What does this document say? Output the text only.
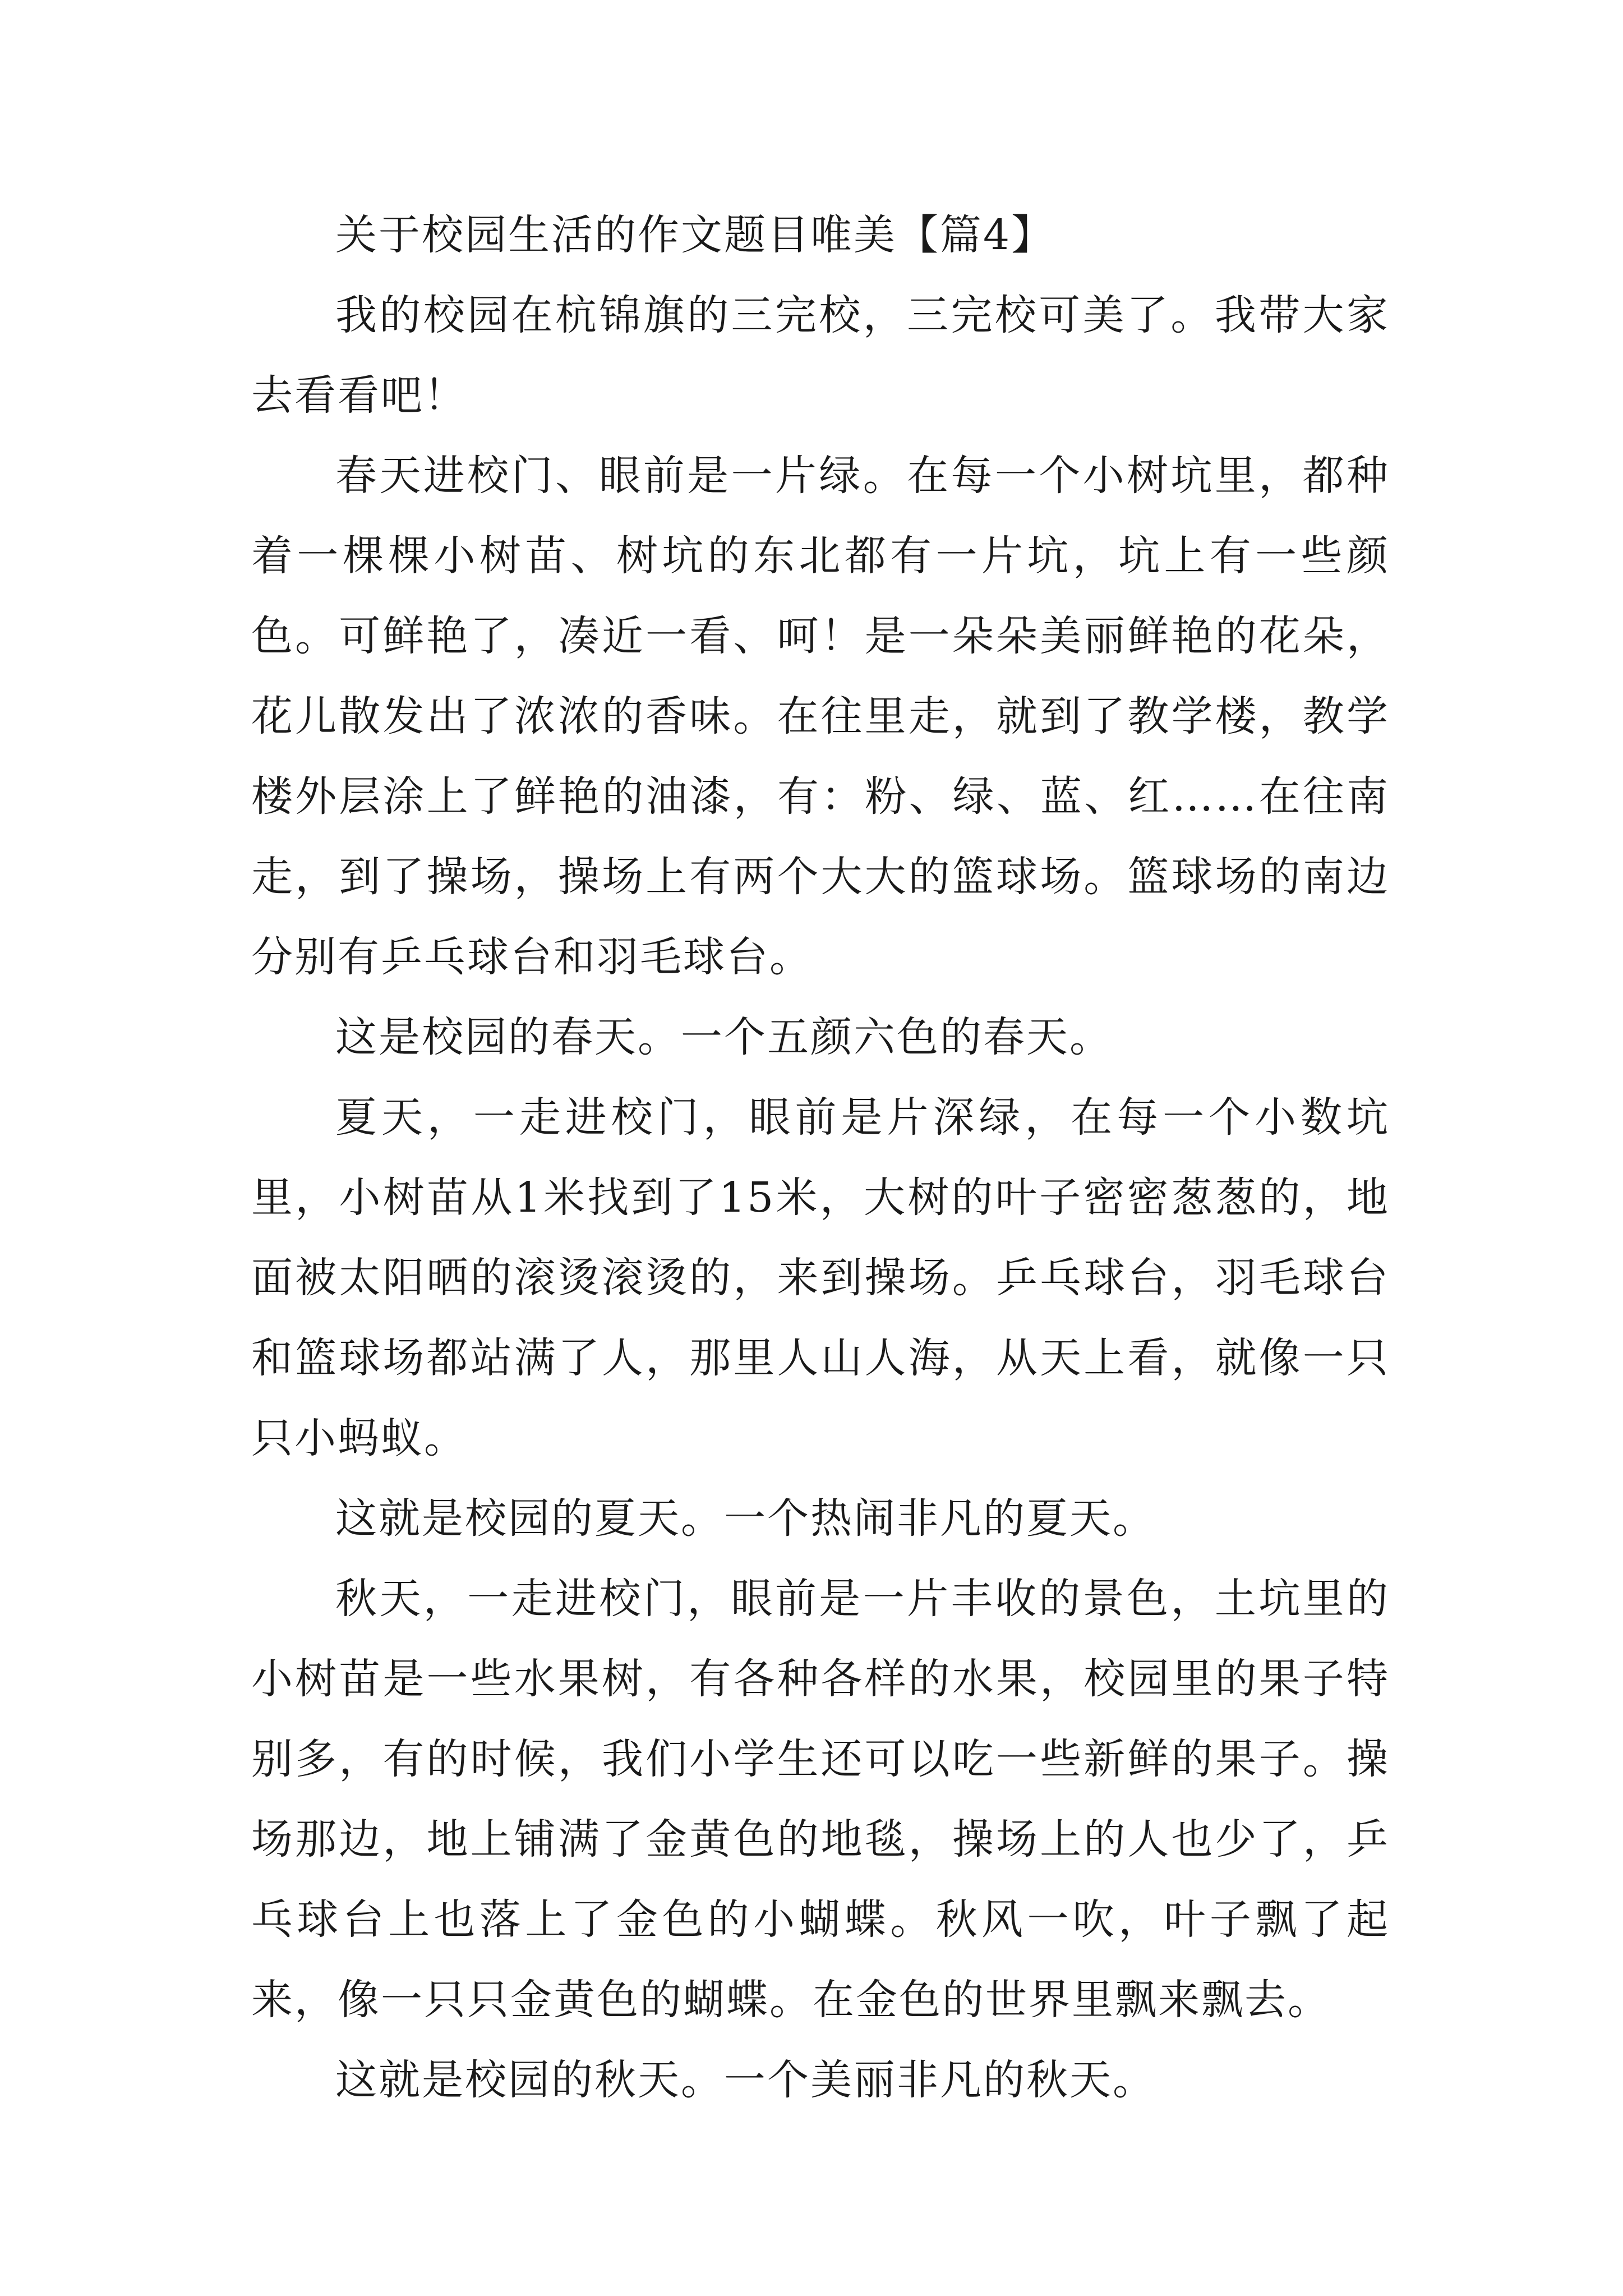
关于校园生活的作文题目唯美【篇4】

我的校园在杭锦旗的三完校，三完校可美了。我带大家去看看吧！

春天进校门、眼前是一片绿。在每一个小树坑里，都种着一棵棵小树苗、树坑的东北都有一片坑，坑上有一些颜色。可鲜艳了，凑近一看、呵！是一朵朵美丽鲜艳的花朵，花儿散发出了浓浓的香味。在往里走，就到了教学楼，教学楼外层涂上了鲜艳的油漆，有：粉、绿、蓝、红……在往南走，到了操场，操场上有两个大大的篮球场。篮球场的南边分别有乒乓球台和羽毛球台。

这是校园的春天。一个五颜六色的春天。

夏天，一走进校门，眼前是片深绿，在每一个小数坑里，小树苗从1米找到了15米，大树的叶子密密葱葱的，地面被太阳晒的滚烫滚烫的，来到操场。乒乓球台，羽毛球台和篮球场都站满了人，那里人山人海，从天上看，就像一只只小蚂蚁。

这就是校园的夏天。一个热闹非凡的夏天。

秋天，一走进校门，眼前是一片丰收的景色，土坑里的小树苗是一些水果树，有各种各样的水果，校园里的果子特别多，有的时候，我们小学生还可以吃一些新鲜的果子。操场那边，地上铺满了金黄色的地毯，操场上的人也少了，乒乓球台上也落上了金色的小蝴蝶。秋风一吹，叶子飘了起来，像一只只金黄色的蝴蝶。在金色的世界里飘来飘去。

这就是校园的秋天。一个美丽非凡的秋天。
